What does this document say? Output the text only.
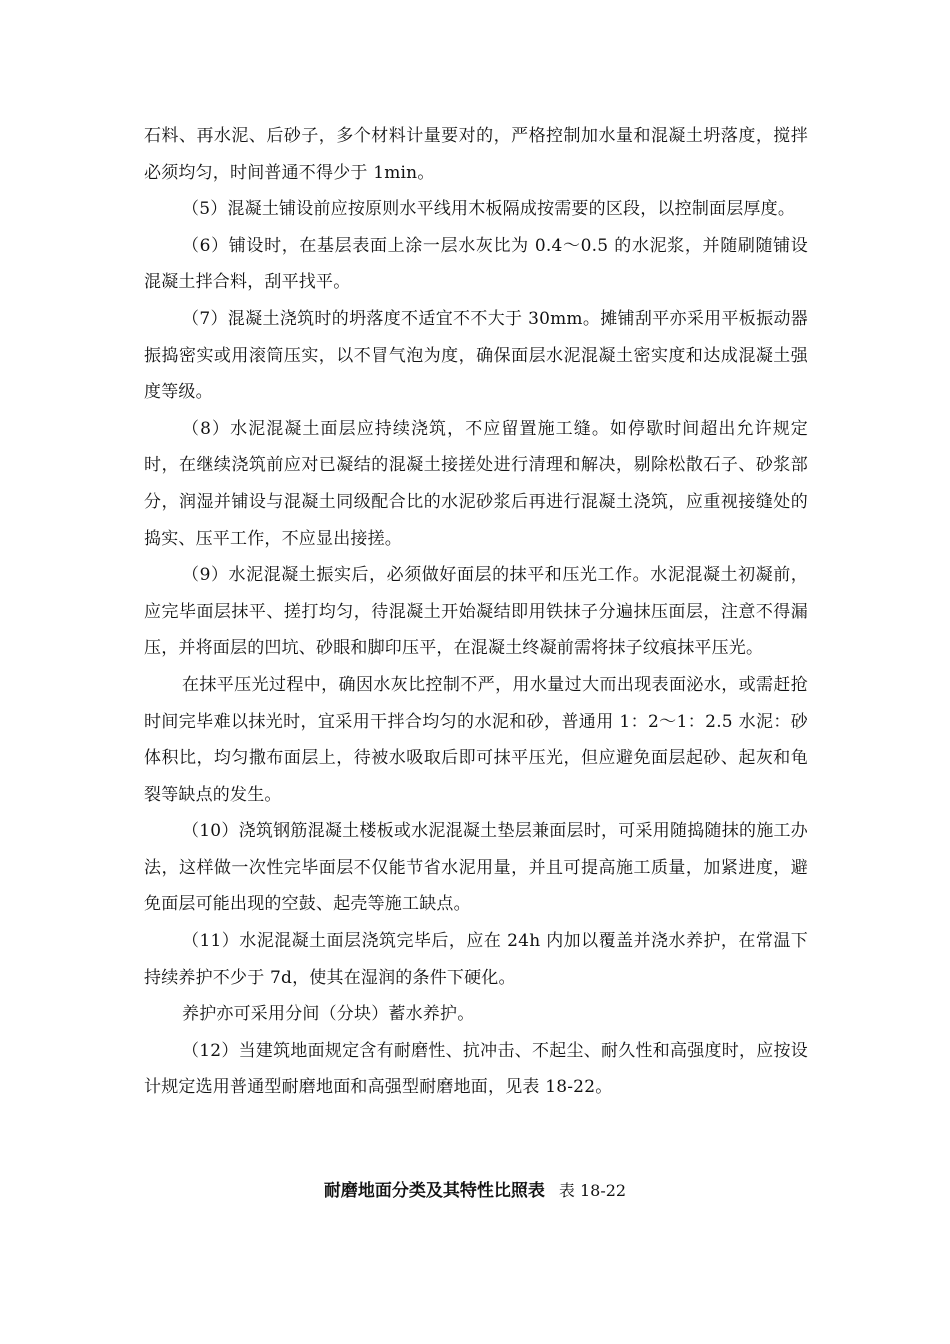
石料、再水泥、后砂子，多个材料计量要对的，严格控制加水量和混凝土坍落度，搅拌必须均匀，时间普通不得少于 1min。

（5）混凝土铺设前应按原则水平线用木板隔成按需要的区段，以控制面层厚度。

（6）铺设时，在基层表面上涂一层水灰比为 0.4～0.5 的水泥浆，并随刷随铺设混凝土拌合料，刮平找平。

（7）混凝土浇筑时的坍落度不适宜不不大于 30mm。摊铺刮平亦采用平板振动器振捣密实或用滚筒压实，以不冒气泡为度，确保面层水泥混凝土密实度和达成混凝土强度等级。

（8）水泥混凝土面层应持续浇筑，不应留置施工缝。如停歇时间超出允许规定时，在继续浇筑前应对已凝结的混凝土接搓处进行清理和解决，剔除松散石子、砂浆部分，润湿并铺设与混凝土同级配合比的水泥砂浆后再进行混凝土浇筑，应重视接缝处的捣实、压平工作，不应显出接搓。

（9）水泥混凝土振实后，必须做好面层的抹平和压光工作。水泥混凝土初凝前，应完毕面层抹平、搓打均匀，待混凝土开始凝结即用铁抹子分遍抹压面层，注意不得漏压，并将面层的凹坑、砂眼和脚印压平，在混凝土终凝前需将抹子纹痕抹平压光。

在抹平压光过程中，确因水灰比控制不严，用水量过大而出现表面泌水，或需赶抢时间完毕难以抹光时，宜采用干拌合均匀的水泥和砂，普通用 1：2～1：2.5 水泥：砂体积比，均匀撒布面层上，待被水吸取后即可抹平压光，但应避免面层起砂、起灰和龟裂等缺点的发生。

（10）浇筑钢筋混凝土楼板或水泥混凝土垫层兼面层时，可采用随捣随抹的施工办法，这样做一次性完毕面层不仅能节省水泥用量，并且可提高施工质量，加紧进度，避免面层可能出现的空鼓、起壳等施工缺点。

（11）水泥混凝土面层浇筑完毕后，应在 24h 内加以覆盖并浇水养护，在常温下持续养护不少于 7d，使其在湿润的条件下硬化。

养护亦可采用分间（分块）蓄水养护。

（12）当建筑地面规定含有耐磨性、抗冲击、不起尘、耐久性和高强度时，应按设计规定选用普通型耐磨地面和高强型耐磨地面，见表 18-22。

耐磨地面分类及其特性比照表 表 18-22
